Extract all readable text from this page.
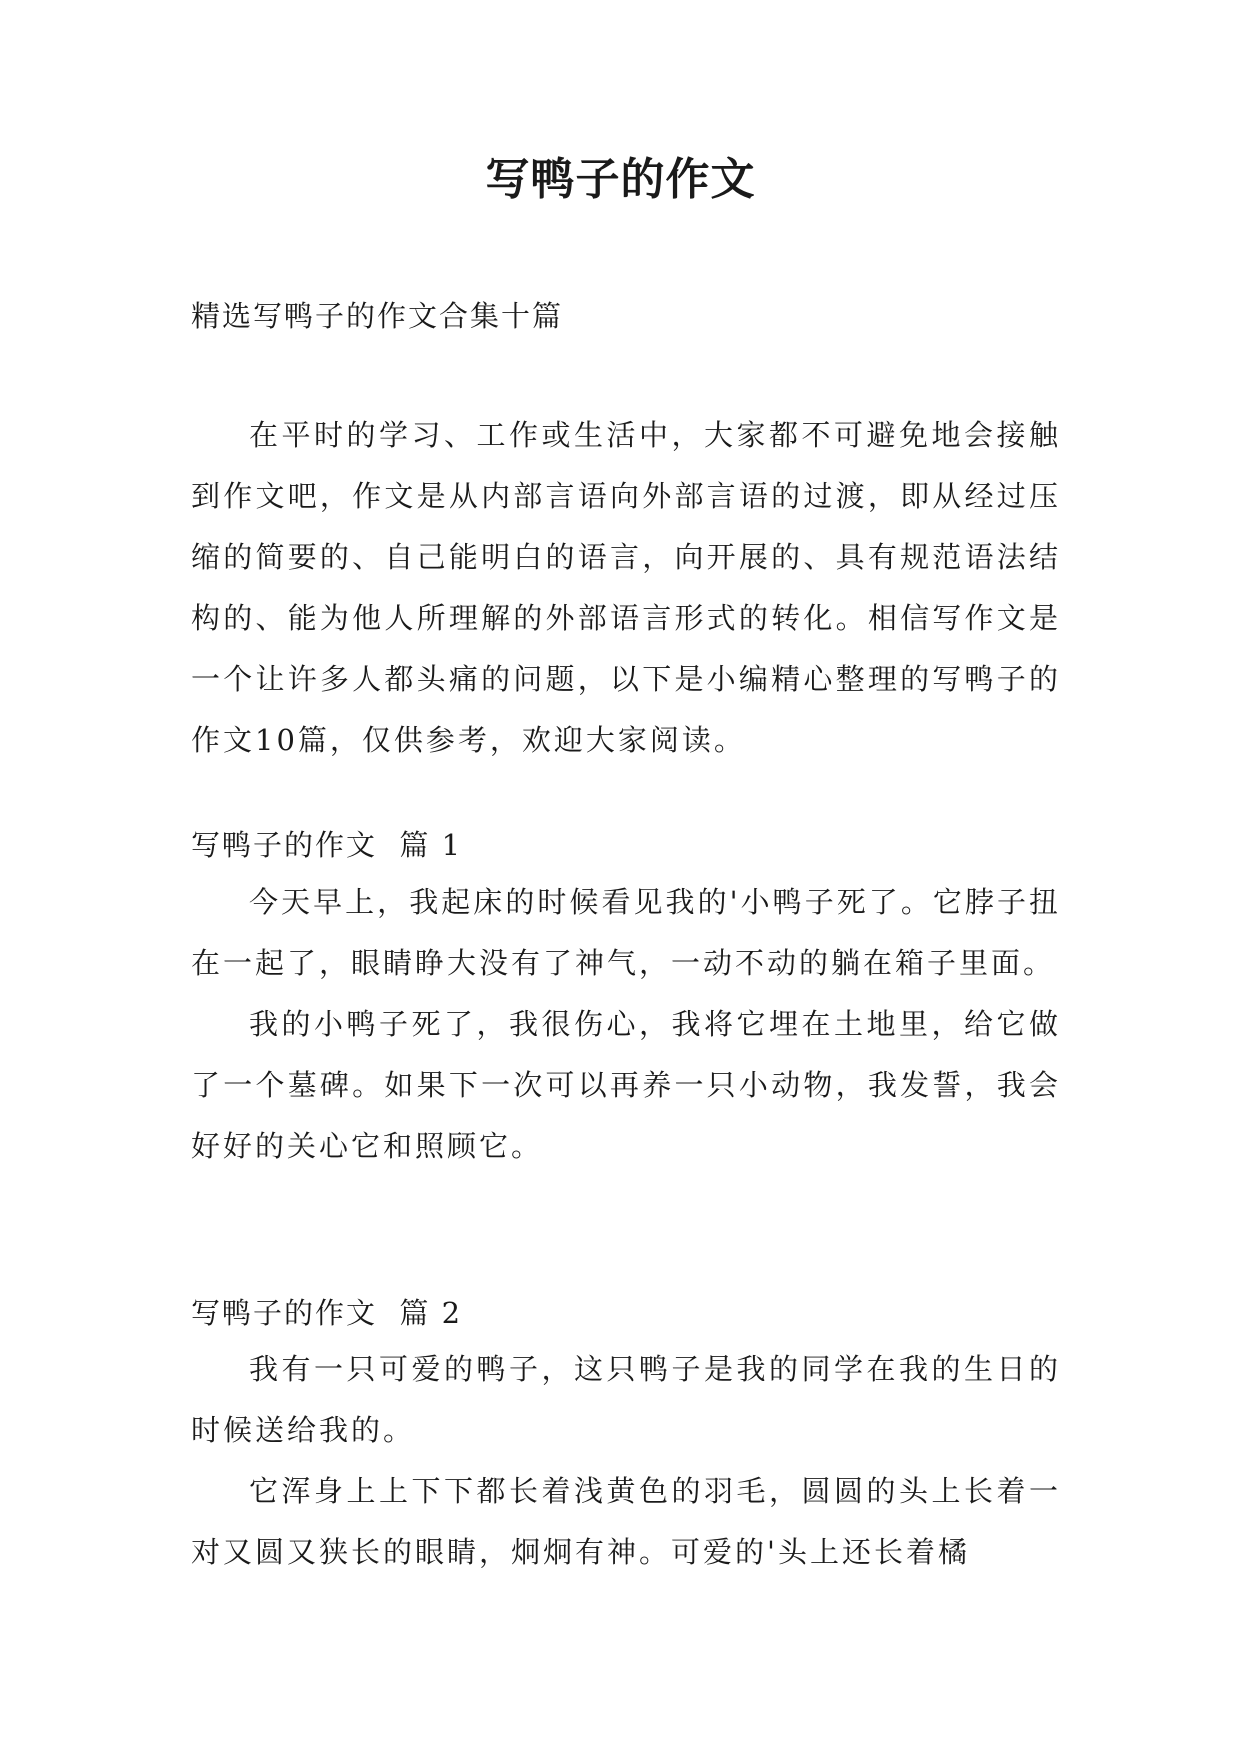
写鸭子的作文
精选写鸭子的作文合集十篇

在平时的学习、工作或生活中，大家都不可避免地会接触到作文吧，作文是从内部言语向外部言语的过渡，即从经过压缩的简要的、自己能明白的语言，向开展的、具有规范语法结构的、能为他人所理解的外部语言形式的转化。相信写作文是一个让许多人都头痛的问题，以下是小编精心整理的写鸭子的作文10篇，仅供参考，欢迎大家阅读。

写鸭子的作文  篇 1

今天早上，我起床的时候看见我的'小鸭子死了。它脖子扭在一起了，眼睛睁大没有了神气，一动不动的躺在箱子里面。

我的小鸭子死了，我很伤心，我将它埋在土地里，给它做了一个墓碑。如果下一次可以再养一只小动物，我发誓，我会好好的关心它和照顾它。

写鸭子的作文  篇 2

我有一只可爱的鸭子，这只鸭子是我的同学在我的生日的时候送给我的。

它浑身上上下下都长着浅黄色的羽毛，圆圆的头上长着一对又圆又狭长的眼睛，炯炯有神。可爱的'头上还长着橘
